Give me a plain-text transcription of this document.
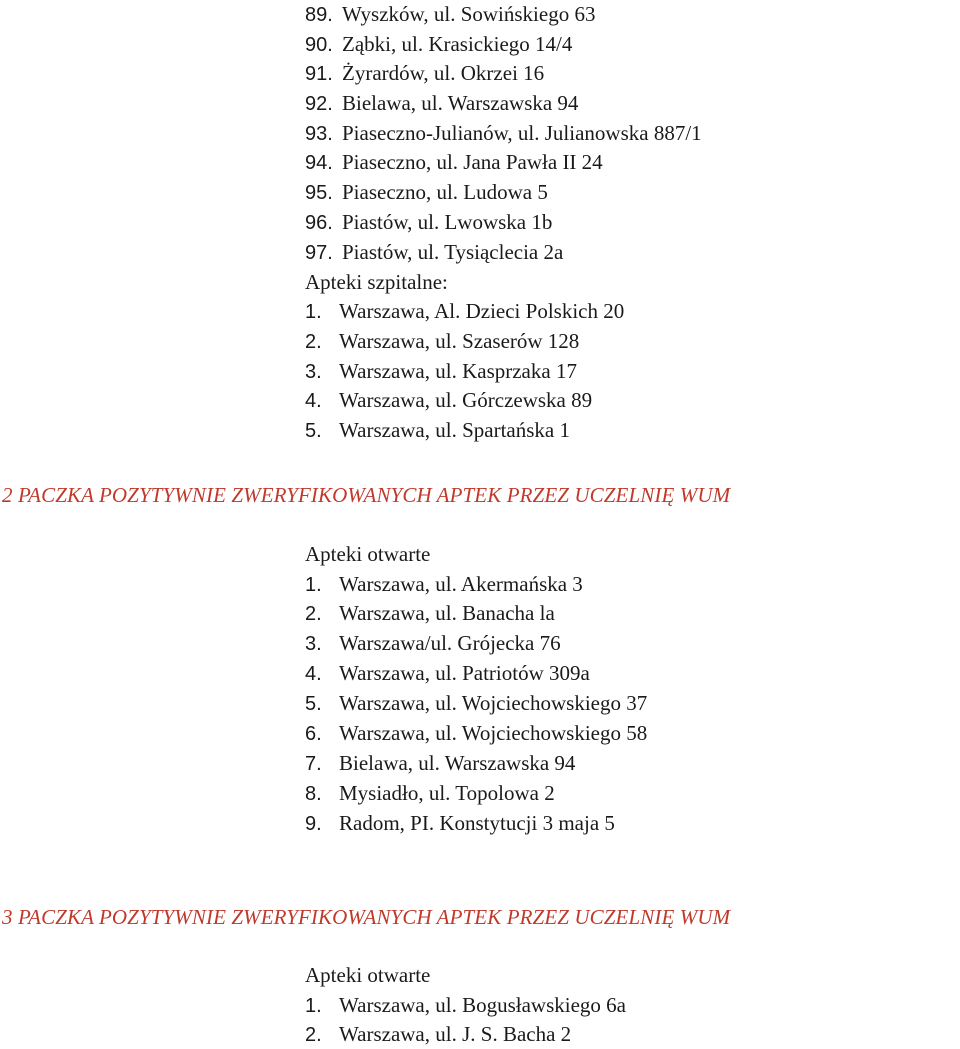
89. Wyszków, ul. Sowińskiego 63
90. Ząbki, ul. Krasickiego 14/4
91. Żyrardów, ul. Okrzei 16
92. Bielawa, ul. Warszawska 94
93. Piaseczno-Julianów, ul. Julianowska 887/1
94. Piaseczno, ul. Jana Pawła II 24
95. Piaseczno, ul. Ludowa 5
96. Piastów, ul. Lwowska 1b
97. Piastów, ul. Tysiąclecia 2a
Apteki szpitalne:
1. Warszawa, Al. Dzieci Polskich 20
2. Warszawa, ul. Szaserów 128
3. Warszawa, ul. Kasprzaka 17
4. Warszawa, ul. Górczewska 89
5. Warszawa, ul. Spartańska 1
2 PACZKA POZYTYWNIE ZWERYFIKOWANYCH APTEK PRZEZ UCZELNIĘ WUM
Apteki otwarte
1. Warszawa, ul. Akermańska 3
2. Warszawa, ul. Banacha la
3. Warszawa/ul. Grójecka 76
4. Warszawa, ul. Patriotów 309a
5. Warszawa, ul. Wojciechowskiego 37
6. Warszawa, ul. Wojciechowskiego 58
7. Bielawa, ul. Warszawska 94
8. Mysiadło, ul. Topolowa 2
9. Radom, PI. Konstytucji 3 maja 5
3 PACZKA POZYTYWNIE ZWERYFIKOWANYCH APTEK PRZEZ UCZELNIĘ WUM
Apteki otwarte
1. Warszawa, ul. Bogusławskiego 6a
2. Warszawa, ul. J. S. Bacha 2
